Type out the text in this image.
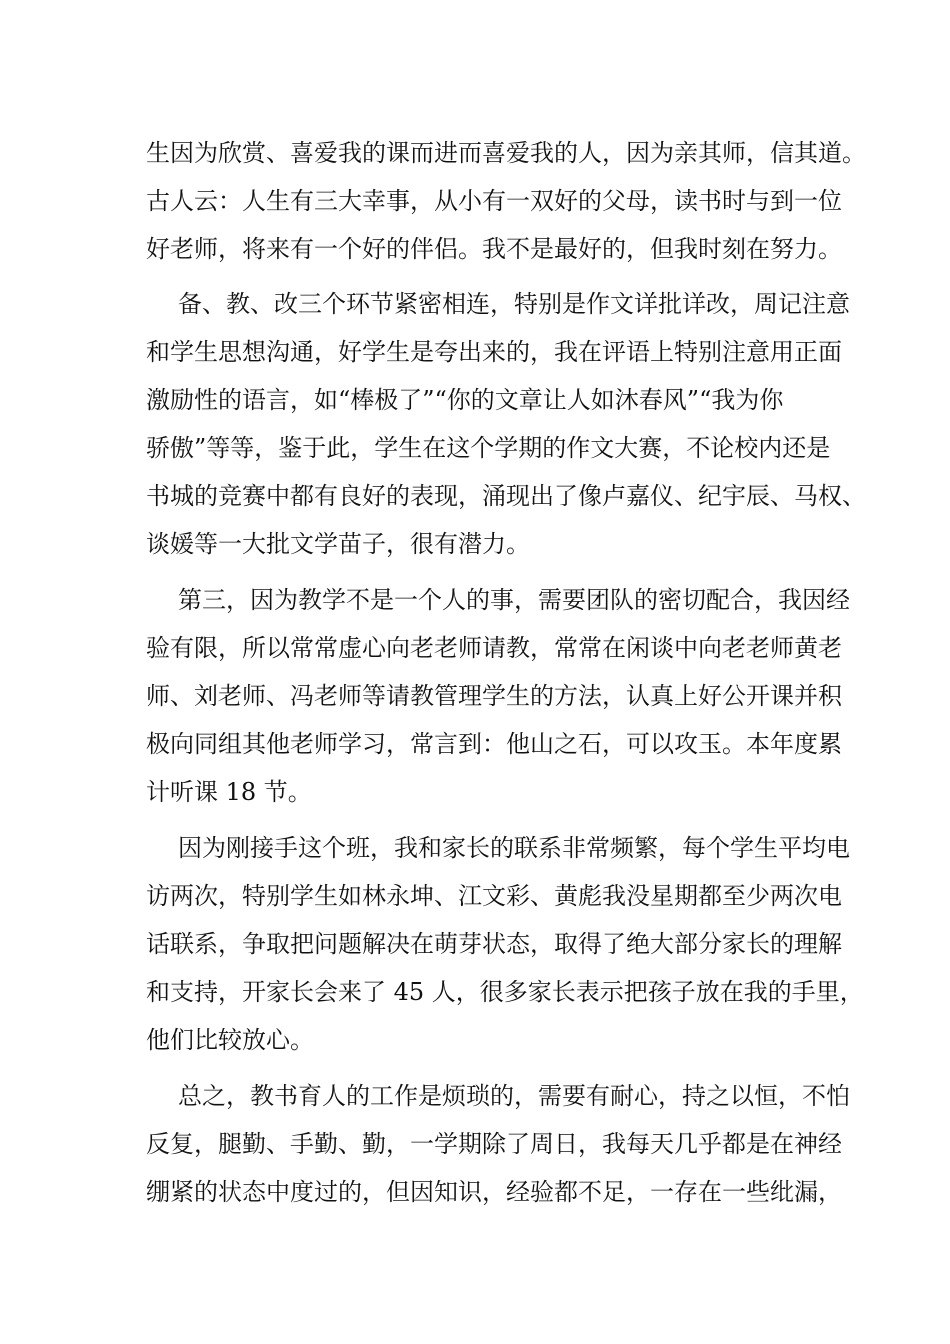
生因为欣赏、喜爱我的课而进而喜爱我的人，因为亲其师，信其道。

古人云：人生有三大幸事，从小有一双好的父母，读书时与到一位

好老师，将来有一个好的伴侣。我不是最好的，但我时刻在努力。

备、教、改三个环节紧密相连，特别是作文详批详改，周记注意

和学生思想沟通，好学生是夸出来的，我在评语上特别注意用正面

激励性的语言，如“棒极了”“你的文章让人如沐春风”“我为你

骄傲”等等，鉴于此，学生在这个学期的作文大赛，不论校内还是

书城的竞赛中都有良好的表现，涌现出了像卢嘉仪、纪宇辰、马权、

谈媛等一大批文学苗子，很有潜力。

第三，因为教学不是一个人的事，需要团队的密切配合，我因经

验有限，所以常常虚心向老老师请教，常常在闲谈中向老老师黄老

师、刘老师、冯老师等请教管理学生的方法，认真上好公开课并积

极向同组其他老师学习，常言到：他山之石，可以攻玉。本年度累

计听课 18 节。

因为刚接手这个班，我和家长的联系非常频繁，每个学生平均电

访两次，特别学生如林永坤、江文彩、黄彪我没星期都至少两次电

话联系，争取把问题解决在萌芽状态，取得了绝大部分家长的理解

和支持，开家长会来了 45 人，很多家长表示把孩子放在我的手里，

他们比较放心。

总之，教书育人的工作是烦琐的，需要有耐心，持之以恒，不怕

反复，腿勤、手勤、勤，一学期除了周日，我每天几乎都是在神经

绷紧的状态中度过的，但因知识，经验都不足，一存在一些纰漏，
